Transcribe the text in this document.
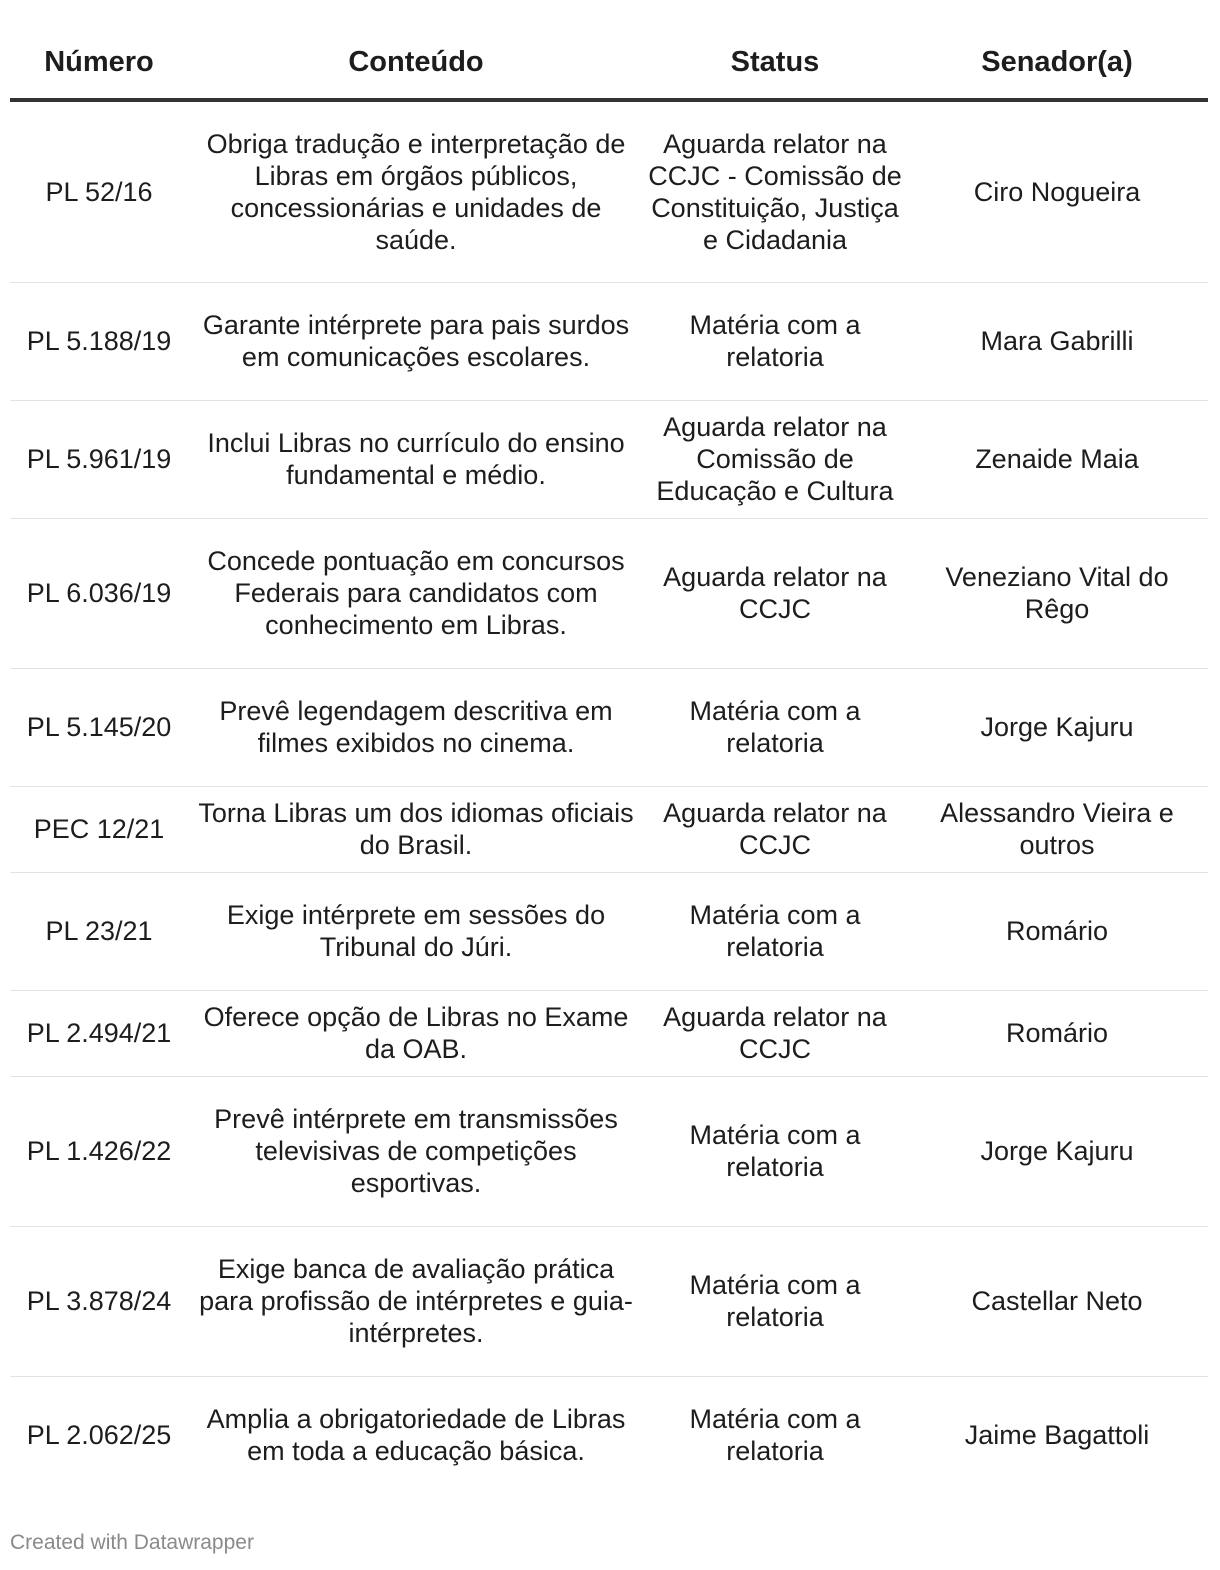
Número	Conteúdo	Status	Senador(a)
PL 52/16	Obriga tradução e interpretação de Libras em órgãos públicos, concessionárias e unidades de saúde.	Aguarda relator na CCJC - Comissão de Constituição, Justiça e Cidadania	Ciro Nogueira
PL 5.188/19	Garante intérprete para pais surdos em comunicações escolares.	Matéria com a relatoria	Mara Gabrilli
PL 5.961/19	Inclui Libras no currículo do ensino fundamental e médio.	Aguarda relator na Comissão de Educação e Cultura	Zenaide Maia
PL 6.036/19	Concede pontuação em concursos Federais para candidatos com conhecimento em Libras.	Aguarda relator na CCJC	Veneziano Vital do Rêgo
PL 5.145/20	Prevê legendagem descritiva em filmes exibidos no cinema.	Matéria com a relatoria	Jorge Kajuru
PEC 12/21	Torna Libras um dos idiomas oficiais do Brasil.	Aguarda relator na CCJC	Alessandro Vieira e outros
PL 23/21	Exige intérprete em sessões do Tribunal do Júri.	Matéria com a relatoria	Romário
PL 2.494/21	Oferece opção de Libras no Exame da OAB.	Aguarda relator na CCJC	Romário
PL 1.426/22	Prevê intérprete em transmissões televisivas de competições esportivas.	Matéria com a relatoria	Jorge Kajuru
PL 3.878/24	Exige banca de avaliação prática para profissão de intérpretes e guia-intérpretes.	Matéria com a relatoria	Castellar Neto
PL 2.062/25	Amplia a obrigatoriedade de Libras em toda a educação básica.	Matéria com a relatoria	Jaime Bagattoli
Created with Datawrapper
